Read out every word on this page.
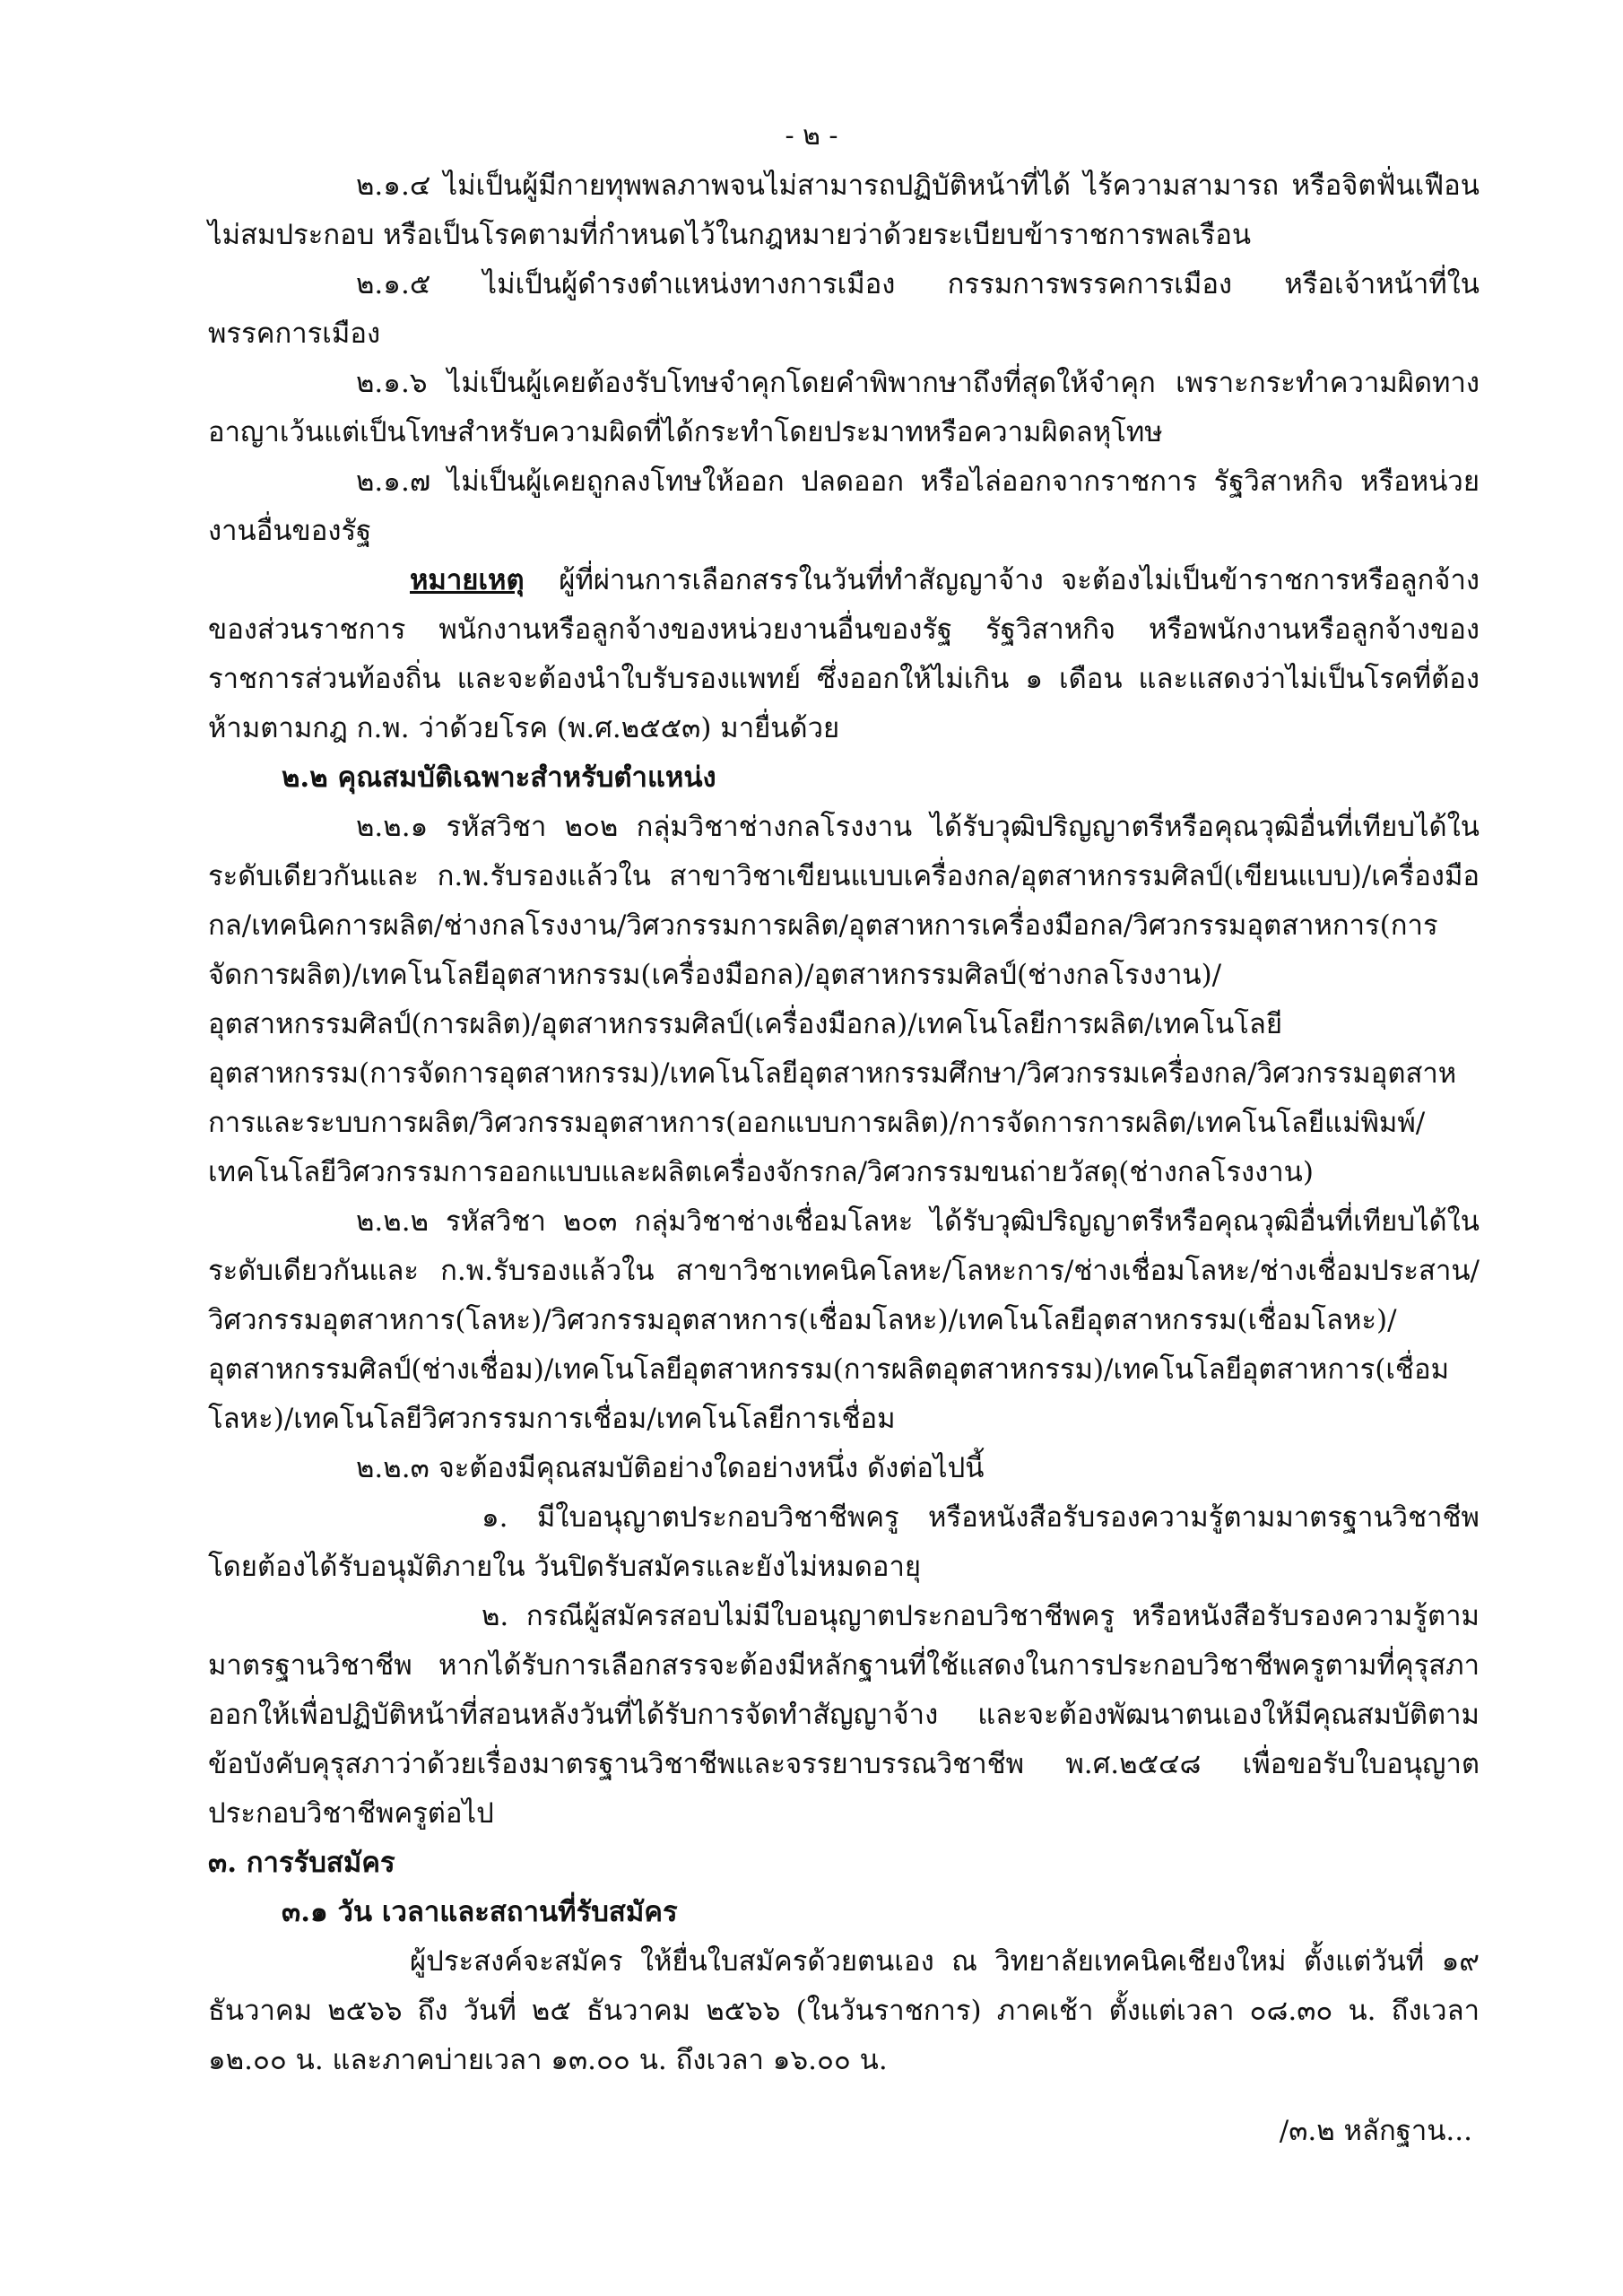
- ๒ -

๒.๑.๔ ไม่เป็นผู้มีกายทุพพลภาพจนไม่สามารถปฏิบัติหน้าที่ได้ ไร้ความสามารถ หรือจิตฟั่นเฟือนไม่สมประกอบ หรือเป็นโรคตามที่กำหนดไว้ในกฎหมายว่าด้วยระเบียบข้าราชการพลเรือน

๒.๑.๕ ไม่เป็นผู้ดำรงตำแหน่งทางการเมือง กรรมการพรรคการเมือง หรือเจ้าหน้าที่ในพรรคการเมือง

๒.๑.๖ ไม่เป็นผู้เคยต้องรับโทษจำคุกโดยคำพิพากษาถึงที่สุดให้จำคุก เพราะกระทำความผิดทางอาญาเว้นแต่เป็นโทษสำหรับความผิดที่ได้กระทำโดยประมาทหรือความผิดลหุโทษ

๒.๑.๗ ไม่เป็นผู้เคยถูกลงโทษให้ออก ปลดออก หรือไล่ออกจากราชการ รัฐวิสาหกิจ หรือหน่วยงานอื่นของรัฐ

หมายเหตุ ผู้ที่ผ่านการเลือกสรรในวันที่ทำสัญญาจ้าง จะต้องไม่เป็นข้าราชการหรือลูกจ้างของส่วนราชการ พนักงานหรือลูกจ้างของหน่วยงานอื่นของรัฐ รัฐวิสาหกิจ หรือพนักงานหรือลูกจ้างของราชการส่วนท้องถิ่น และจะต้องนำใบรับรองแพทย์ ซึ่งออกให้ไม่เกิน ๑ เดือน และแสดงว่าไม่เป็นโรคที่ต้องห้ามตามกฎ ก.พ. ว่าด้วยโรค (พ.ศ.๒๕๕๓) มายื่นด้วย

๒.๒ คุณสมบัติเฉพาะสำหรับตำแหน่ง

๒.๒.๑ รหัสวิชา ๒๐๒ กลุ่มวิชาช่างกลโรงงาน ได้รับวุฒิปริญญาตรีหรือคุณวุฒิอื่นที่เทียบได้ในระดับเดียวกันและ ก.พ.รับรองแล้วใน สาขาวิชาเขียนแบบเครื่องกล/อุตสาหกรรมศิลป์(เขียนแบบ)/เครื่องมือกล/เทคนิคการผลิต/ช่างกลโรงงาน/วิศวกรรมการผลิต/อุตสาหการเครื่องมือกล/วิศวกรรมอุตสาหการ(การจัดการผลิต)/เทคโนโลยีอุตสาหกรรม(เครื่องมือกล)/อุตสาหกรรมศิลป์(ช่างกลโรงงาน)/อุตสาหกรรมศิลป์(การผลิต)/อุตสาหกรรมศิลป์(เครื่องมือกล)/เทคโนโลยีการผลิต/เทคโนโลยีอุตสาหกรรม(การจัดการอุตสาหกรรม)/เทคโนโลยีอุตสาหกรรมศึกษา/วิศวกรรมเครื่องกล/วิศวกรรมอุตสาหการและระบบการผลิต/วิศวกรรมอุตสาหการ(ออกแบบการผลิต)/การจัดการการผลิต/เทคโนโลยีแม่พิมพ์/เทคโนโลยีวิศวกรรมการออกแบบและผลิตเครื่องจักรกล/วิศวกรรมขนถ่ายวัสดุ(ช่างกลโรงงาน)

๒.๒.๒ รหัสวิชา ๒๐๓ กลุ่มวิชาช่างเชื่อมโลหะ ได้รับวุฒิปริญญาตรีหรือคุณวุฒิอื่นที่เทียบได้ในระดับเดียวกันและ ก.พ.รับรองแล้วใน สาขาวิชาเทคนิคโลหะ/โลหะการ/ช่างเชื่อมโลหะ/ช่างเชื่อมประสาน/วิศวกรรมอุตสาหการ(โลหะ)/วิศวกรรมอุตสาหการ(เชื่อมโลหะ)/เทคโนโลยีอุตสาหกรรม(เชื่อมโลหะ)/อุตสาหกรรมศิลป์(ช่างเชื่อม)/เทคโนโลยีอุตสาหกรรม(การผลิตอุตสาหกรรม)/เทคโนโลยีอุตสาหการ(เชื่อมโลหะ)/เทคโนโลยีวิศวกรรมการเชื่อม/เทคโนโลยีการเชื่อม

๒.๒.๓ จะต้องมีคุณสมบัติอย่างใดอย่างหนึ่ง ดังต่อไปนี้

๑. มีใบอนุญาตประกอบวิชาชีพครู หรือหนังสือรับรองความรู้ตามมาตรฐานวิชาชีพ โดยต้องได้รับอนุมัติภายใน วันปิดรับสมัครและยังไม่หมดอายุ

๒. กรณีผู้สมัครสอบไม่มีใบอนุญาตประกอบวิชาชีพครู หรือหนังสือรับรองความรู้ตามมาตรฐานวิชาชีพ หากได้รับการเลือกสรรจะต้องมีหลักฐานที่ใช้แสดงในการประกอบวิชาชีพครูตามที่คุรุสภาออกให้เพื่อปฏิบัติหน้าที่สอนหลังวันที่ได้รับการจัดทำสัญญาจ้าง และจะต้องพัฒนาตนเองให้มีคุณสมบัติตามข้อบังคับคุรุสภาว่าด้วยเรื่องมาตรฐานวิชาชีพและจรรยาบรรณวิชาชีพ พ.ศ.๒๕๔๘ เพื่อขอรับใบอนุญาตประกอบวิชาชีพครูต่อไป

๓. การรับสมัคร

๓.๑ วัน เวลาและสถานที่รับสมัคร

ผู้ประสงค์จะสมัคร ให้ยื่นใบสมัครด้วยตนเอง ณ วิทยาลัยเทคนิคเชียงใหม่ ตั้งแต่วันที่ ๑๙ ธันวาคม ๒๕๖๖ ถึง วันที่ ๒๕ ธันวาคม ๒๕๖๖ (ในวันราชการ) ภาคเช้า ตั้งแต่เวลา ๐๘.๓๐ น. ถึงเวลา ๑๒.๐๐ น. และภาคบ่ายเวลา ๑๓.๐๐ น. ถึงเวลา ๑๖.๐๐ น.

/๓.๒ หลักฐาน...
